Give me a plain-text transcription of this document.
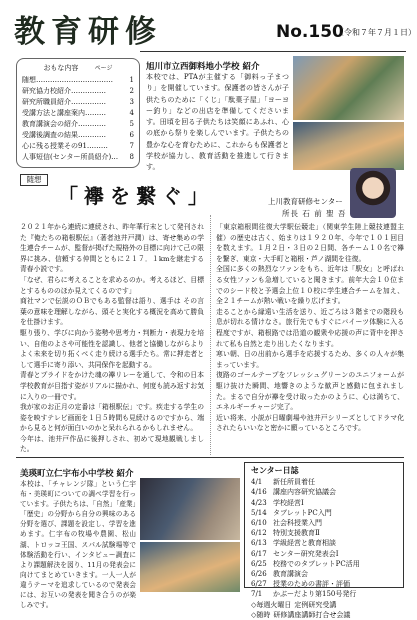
教育研修	No.150
（令和７年７月１日）
おもな内容	ページ
随想…………………………… 1
研究協力校紹介……………	2
研究所職員紹介……………	3
受講方法と講座案内………	4
教育講演会の紹介…………	5
受講後調査の結果…………	6
心に残る授業その91………	7
人事短信(センター所員紹介)… 8
旭川市立西御料地小学校 紹介
本校では、PTAが主催する「御料っ子まつり」を開催しています。保護者の皆さんが子供たちのために「くじ」「駄菓子屋」「ヨーヨー釣り」などの出店を準備してくださいます。田頃を回る子供たちは笑顔にあふれ、心の底から祭りを楽しんでいます。子供たちの豊かな心を育むために、これからも保護者と学校が協力し、教育活動を推進して行きます。
随想
「襷を繋ぐ」	上川教育研修センター
所長 石 前 聖 吾
２０２１年から連続に連続され、昨年華行末として発刊された『俺たちの箱根駅伝』（著者池井戸潤）は、寄せ集めの学生連合チームが、監督が掲げた規格外の目標に向けて己の限界に挑み、信頼する仲間とともに２１７．１kmを継走する青春小説です。
「なぜ、君らに考えることを求めるのか。考えるほど、目標とするもののほか見えてくるのです」
商社マンで伝説のＯＢでもある監督は語り、選手は その言葉の意味を理解しながら、頭そと実化する概況を高めて勝負を仕掛けます。
駆り張り、学びに向かう姿勢や思考力・判断力・表現力を培い、自他のよさや可能性を認識し、他者と協働しながらよりよく未来を切り拓くべく走り続ける選手たち。常に押走者として選手に寄り添い、共同保作を起動する。
青春とプライドをかけた魂の襷リレーを通して、令和の日本学校教育が目指す姿がリアルに描かれ、何度も読み返すお気に入りの一冊です。
我が家のお正月の定番は「箱根駅伝」です。疾走する学生の姿を映すテレビ画面を１日５時間も見続けるのですから、端から見ると何が面白いのかと呆れられるかもしれません。
今年は、池井戸作品に後押しされ、初めて現地観戦しました。
「東京箱根間往復大学駅伝競走」（関東学生陸上競技連盟主催）の歴史は古く、始まりは１９２０年、今年で１０１回目を数えます。１月２日・３日の２日間、各チーム１０名で襷を繋ぎ、東京・大手町と箱根・芦ノ湖間を往復。
全国に多くの熱烈なファンをもち、近年は「駅女」と呼ばれる女性ファンも急増していると聞きます。前年大会１０位までのシード校と予選会上位１０校に学生連合チームを加え、全２１チームが熱い戦いを繰り広げます。
走ることから縁遠い生活を送り、近ごろは３階までの階段も息が切れる情けなさ。旅行先でもすぐにバイーツ体験に入る程度ですが、箱根路では沿道の観衆や応援の声に背中を押されて私も自然と走り出したくなります。
寒い朝、日の出前から選手を応援するため、多くの人々が集まっています。
復路のゴールテープをフレッシュグリーンのユニフォームが駆け抜けた瞬間、地響きのような歓声と感動に包まれました。まるで自分が襷を受け取ったかのように、心は満ちて、エネルギーチャージ完了。
近い将来、小説が日曜劇場や池井戸シリーズとしてドラマ化されたらいいなと密かに願っているところです。
美瑛町立仁宇布小中学校 紹介
本校は、「チャレンジ隊」という仁宇布・美瑛町についての調べ学習を行っています。子供たちは、「自然」「産業」「歴史」の分野から自分の興味のある分野を選び、課題を設定し、学習を進めます。仁宇布の牧場や農園、松山湖、トロッコ王国、スパル試験場等で体験活動を行い、インタビュー調査により課題解決を図り、11月の発表会に向けてまとめていきます。一人一人が違うテーマを追求しているので発表会には、お互いの発表を聞き合うのが楽しみです。
センター日誌
4/1	新任所員着任
4/16 講座内容研究協議会
4/23 学校経営Ⅰ
5/14 タブレットPC入門
6/10 社会科授業入門
6/12 特別支援教育Ⅱ
6/13 学級経営と教育相談
6/17 センター研究発表会Ⅰ
6/25 校務でのタブレットPC活用
6/26 教育講演会
6/27 授業のための書評・評価
7/1	かぶーだより第150号発行
◇毎週火曜日 定例研究受講
◇随時 研修講座講師打合せ会議
